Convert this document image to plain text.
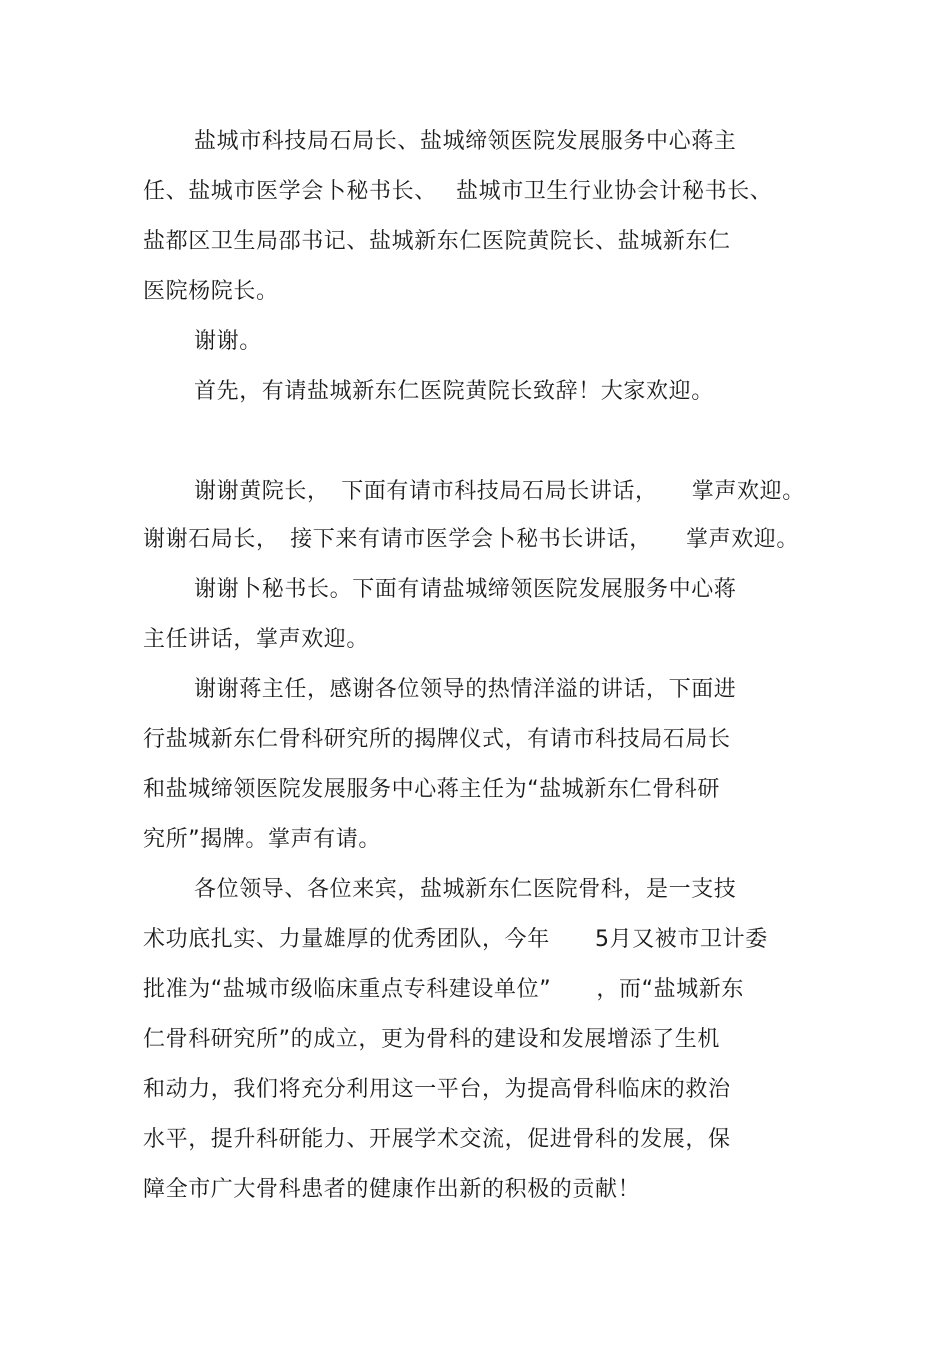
盐城市科技局石局长、盐城缔领医院发展服务中心蒋主
任、盐城市医学会卜秘书长、　 盐城市卫生行业协会计秘书长、
盐都区卫生局邵书记、盐城新东仁医院黄院长、盐城新东仁
医院杨院长。
谢谢。
首先，有请盐城新东仁医院黄院长致辞！大家欢迎。
谢谢黄院长，　下面有请市科技局石局长讲话，　　掌声欢迎。
谢谢石局长，　接下来有请市医学会卜秘书长讲话，　　掌声欢迎。
谢谢卜秘书长。下面有请盐城缔领医院发展服务中心蒋
主任讲话，掌声欢迎。
谢谢蒋主任，感谢各位领导的热情洋溢的讲话，下面进
行盐城新东仁骨科研究所的揭牌仪式，有请市科技局石局长
和盐城缔领医院发展服务中心蒋主任为“盐城新东仁骨科研
究所”揭牌。掌声有请。
各位领导、各位来宾，盐城新东仁医院骨科，是一支技
术功底扎实、力量雄厚的优秀团队，今年　　5月又被市卫计委
批准为“盐城市级临床重点专科建设单位”　　，而“盐城新东
仁骨科研究所”的成立，更为骨科的建设和发展增添了生机
和动力，我们将充分利用这一平台，为提高骨科临床的救治
水平，提升科研能力、开展学术交流，促进骨科的发展，保
障全市广大骨科患者的健康作出新的积极的贡献！
